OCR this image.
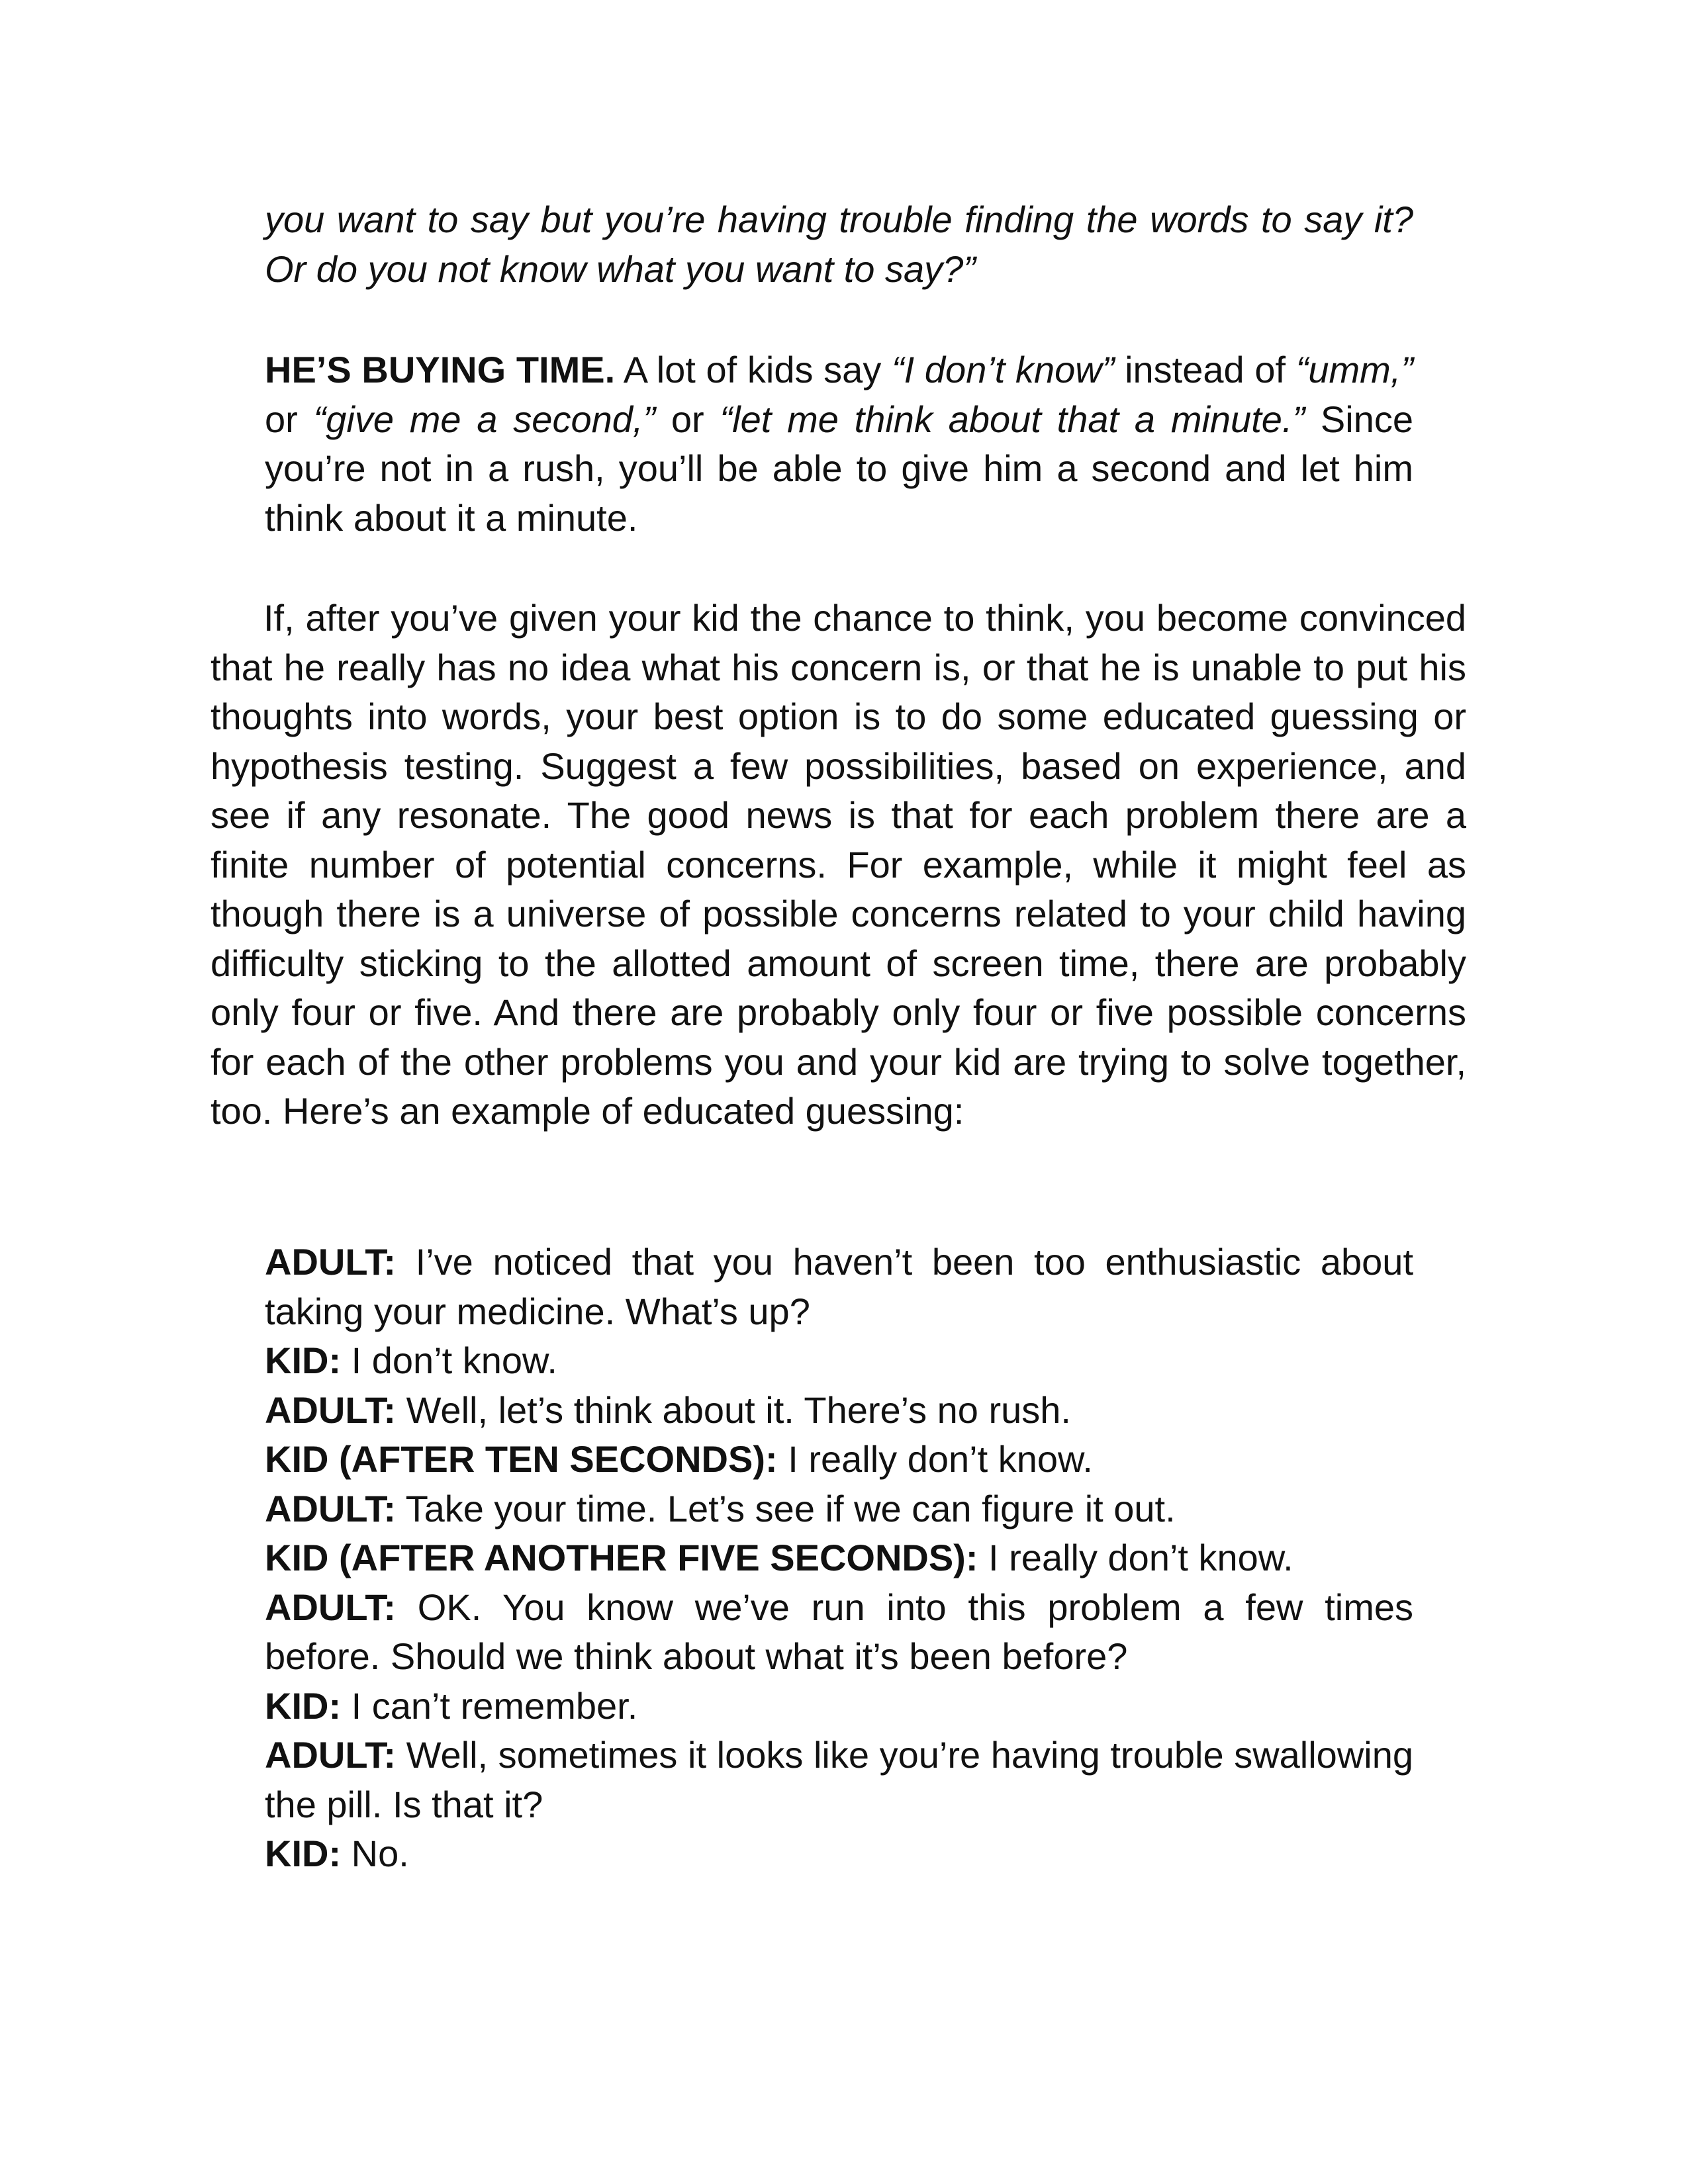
you want to say but you’re having trouble finding the words to say it? Or do you not know what you want to say?”

HE’S BUYING TIME. A lot of kids say “I don’t know” instead of “umm,” or “give me a second,” or “let me think about that a minute.” Since you’re not in a rush, you’ll be able to give him a second and let him think about it a minute.

If, after you’ve given your kid the chance to think, you become convinced that he really has no idea what his concern is, or that he is unable to put his thoughts into words, your best option is to do some educated guessing or hypothesis testing. Suggest a few possibilities, based on experience, and see if any resonate. The good news is that for each problem there are a finite number of potential concerns. For example, while it might feel as though there is a universe of possible concerns related to your child having difficulty sticking to the allotted amount of screen time, there are probably only four or five. And there are probably only four or five possible concerns for each of the other problems you and your kid are trying to solve together, too. Here’s an example of educated guessing:

ADULT: I’ve noticed that you haven’t been too enthusiastic about taking your medicine. What’s up?

KID: I don’t know.

ADULT: Well, let’s think about it. There’s no rush.

KID (AFTER TEN SECONDS): I really don’t know.

ADULT: Take your time. Let’s see if we can figure it out.

KID (AFTER ANOTHER FIVE SECONDS): I really don’t know.

ADULT: OK. You know we’ve run into this problem a few times before. Should we think about what it’s been before?

KID: I can’t remember.

ADULT: Well, sometimes it looks like you’re having trouble swallowing the pill. Is that it?

KID: No.
